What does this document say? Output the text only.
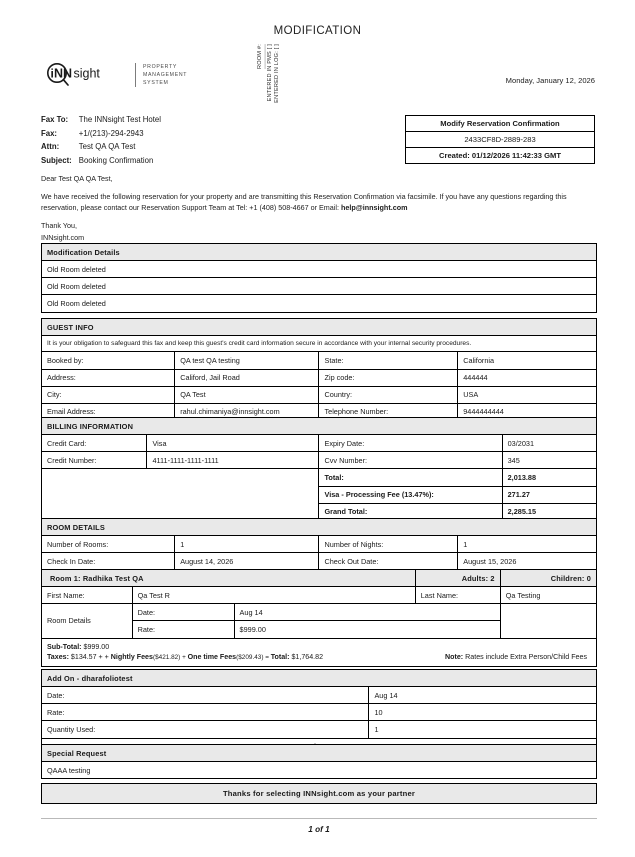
MODIFICATION
ROOM #: ENTERED IN PMS [ ] ENTERED IN LOG: [ ]
i NN sight	PROPERTY
MANAGEMENT
SYSTEM	Monday, January 12, 2026
Fax To:	The INNsight Test Hotel
Fax:	+1/(213)-294-2943
Attn:	Test QA QA Test
Subject:	Booking Confirmation
Modify Reservation Confirmation
2433CF8D-2889-283
Created: 01/12/2026 11:42:33 GMT

Dear Test QA QA Test,

We have received the following reservation for your property and are transmitting this Reservation Confirmation via facsimile. If you have any questions regarding this reservation, please contact our Reservation Support Team at Tel: +1 (408) 508-4667 or Email: help@innsight.com

Thank You,

INNsight.com

Modification Details
Old Room deleted
Old Room deleted
Old Room deleted
GUEST INFO			
It is your obligation to safeguard this fax and keep this guest's credit card information secure in accordance with your internal security procedures.			
Booked by:	QA test QA testing	State:	California
Address:	Califord, Jail Road	Zip code:	444444
City:	QA Test	Country:	USA
Email Address:	rahul.chimaniya@innsight.com	Telephone Number:	9444444444
BILLING INFORMATION			
Credit Card:	Visa	Expiry Date:	03/2031
Credit Number:	4111-1111-1111-1111	Cvv Number:	345
		Total:	2,013.88
		Visa - Processing Fee (13.47%):	271.27
		Grand Total:	2,285.15
ROOM DETAILS			
Number of Rooms:	1	Number of Nights:	1
Check In Date:	August 14, 2026	Check Out Date:	August 15, 2026
Room 1: Radhika Test QA			Adults: 2	Children: 0
First Name:	Qa Test R		Last Name:	Qa Testing
Room Details	Date:	Aug 14		
	Rate:	$999.00		

Sub-Total: $999.00
Taxes: $134.57 + + Nightly Fees($421.82) + One time Fees($209.43) = Total: $1,764.82 Note: Rates include Extra Person/Child Fees				
Add On - dharafoliotest	
Date:	Aug 14
Rate:	10
Quantity Used:	1

Special Request
QAAA testing
Thanks for selecting INNsight.com as your partner
1 of 1
